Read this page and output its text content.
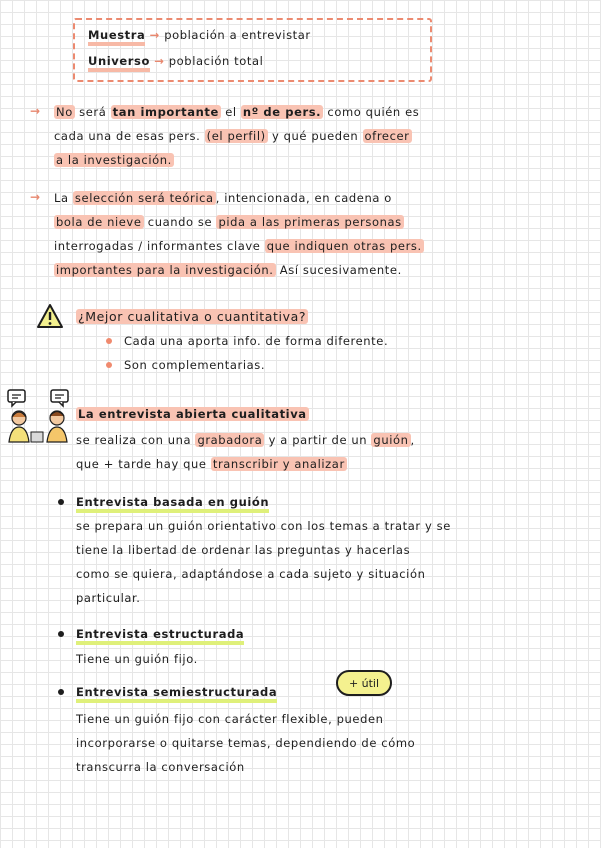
Muestra → población a entrevistar
Universo → población total
→ No será tan importante el nº de pers. como quién es
cada una de esas pers. (el perfil) y qué pueden ofrecer
a la investigación.
→ La selección será teórica , intencionada, en cadena o
bola de nieve cuando se pida a las primeras personas
interrogadas / informantes clave que indiquen otras pers.
importantes para la investigación. Así sucesivamente.
¿Mejor cualitativa o cuantitativa?
Cada una aporta info. de forma diferente.
Son complementarias.
La entrevista abierta cualitativa
se realiza con una grabadora y a partir de un guión ,
que + tarde hay que transcribir y analizar
Entrevista basada en guión
se prepara un guión orientativo con los temas a tratar y se
tiene la libertad de ordenar las preguntas y hacerlas
como se quiera, adaptándose a cada sujeto y situación
particular.
Entrevista estructurada
Tiene un guión fijo.
Entrevista semiestructurada
+ útil
Tiene un guión fijo con carácter flexible, pueden
incorporarse o quitarse temas, dependiendo de cómo
transcurra la conversación
